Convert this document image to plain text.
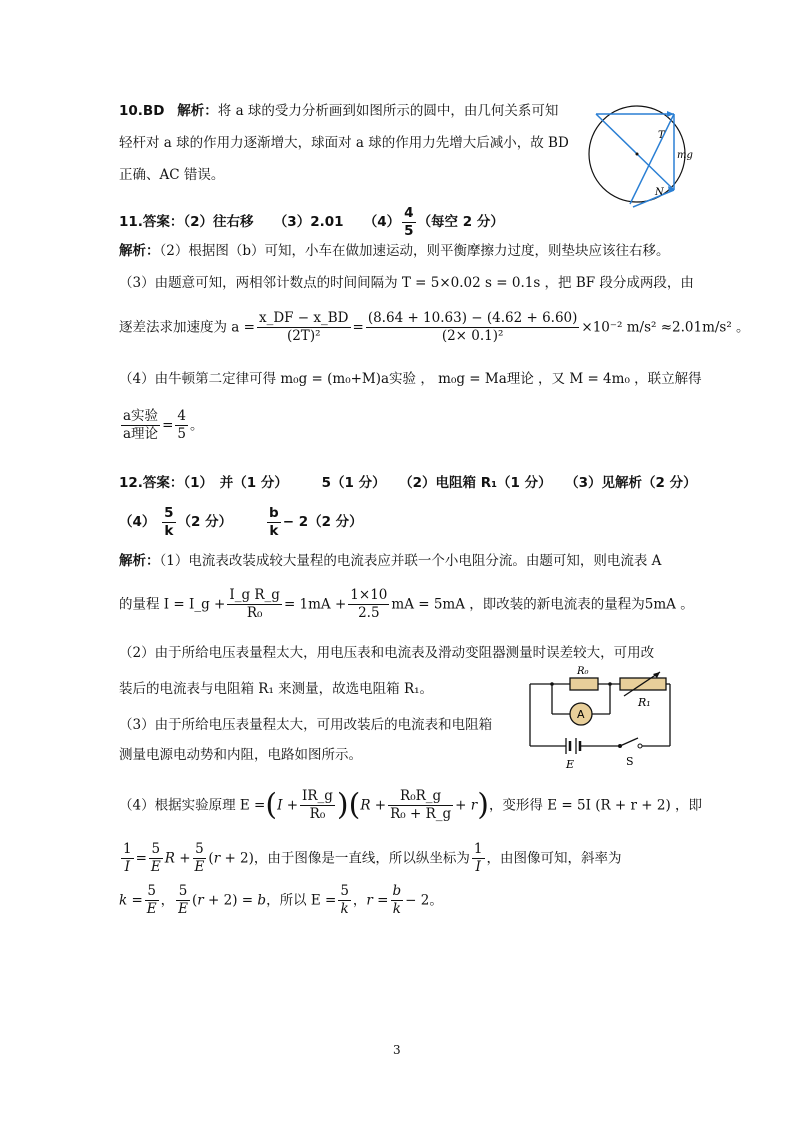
10.BD 解析：将 a 球的受力分析画到如图所示的圆中，由几何关系可知
轻杆对 a 球的作用力逐渐增大，球面对 a 球的作用力先增大后减小，故 BD
正确、AC 错误。
T
mg
N
11.答案：（2）往右移　　（3）2.01　　$(4) \frac{4}{5}$ （每空 2 分）
解析：（2）根据图（b）可知，小车在做加速运动，则平衡摩擦力过度，则垫块应该往右移。
（3）由题意可知，两相邻计数点的时间间隔为 T = 5×0.02 s = 0.1s ，把 BF 段分成两段，由
逐差法求加速度为 $a = \frac{x\_DF - x\_BD}{\text{(2T)²}} = \frac{(8.64 + 10.63) - (4.62 + 6.60)}{\text{(2× 0.1)²}} \times 10^{-2}$ m/s² ≈2.01m/s² 。
（4）由牛顿第二定律可得 m₀g = (m₀+M)a实验 ， m₀g = Ma理论 ，又 M = 4m₀ ，联立解得
$\frac{\text{a实验}}{\text{a理论}} = \frac{4}{5}$ 。
12.答案：（1）　并（1 分）　　　5（1 分）　　（2）电阻箱 R₁（1 分）　　（3）见解析（2 分）
$(4) \frac{5}{k} (2$ 分）	$\frac{b}{k} - 2(2$ 分）
解析：（1）电流表改装成较大量程的电流表应并联一个小电阻分流。由题可知，则电流表 A
的量程 I = I_g + $\frac{\text{I\_g R\_g}}{\text{R₀}} = 1mA + \frac{1\times 10}{2.5}$ mA = 5mA ，即改装的新电流表的量程为5mA 。
（2）由于所给电压表量程太大，用电压表和电流表及滑动变阻器测量时误差较大，可用改
装后的电流表与电阻箱 R₁ 来测量，故选电阻箱 R₁。
（3）由于所给电压表量程太大，可用改装后的电流表和电阻箱
测量电源电动势和内阻，电路如图所示。
R₀
R₁
A
E	S
（4）根据实验原理 $E =(I + \frac{IR\_g}{\text{R₀}} )(R + \frac{\text{R₀R\_g}}{\text{R₀ + R\_g}} + r)$，变形得 E = 5I (R + r + 2) ，即
$\frac{1}{I} = \frac{5}{E}$ $R + \frac{5}{E} (r + 2)$，由于图像是一直线，所以纵坐标为 $\frac{1}{I}$ ，由图像可知，斜率为
$k = \frac{5}{E}$ ， $\frac{5}{E} (r + 2) = b$，所以 $E = \frac{5}{k}$ ，$r = \frac{b}{k} - 2$。
3
